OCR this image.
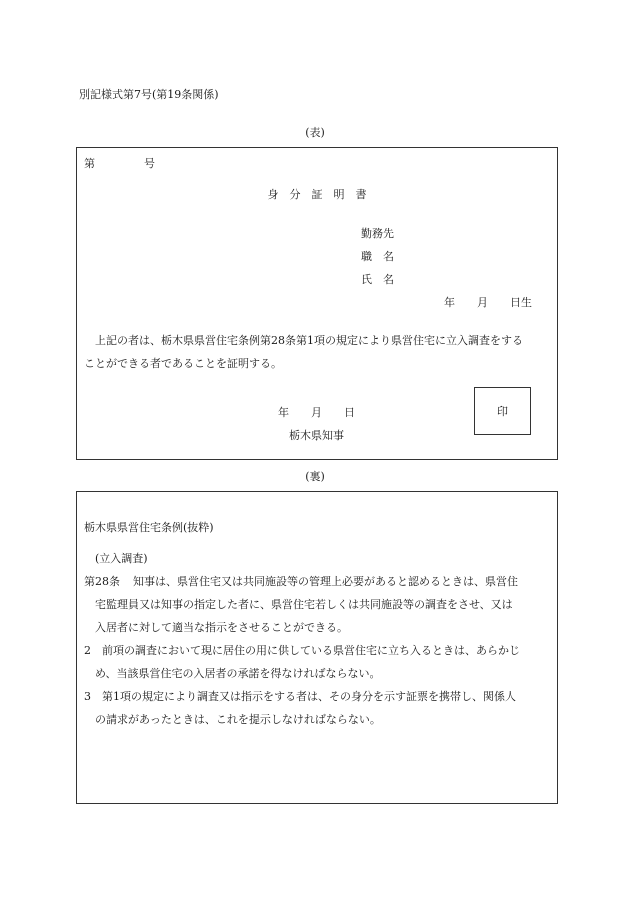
別記様式第7号(第19条関係)
(表)
第	号
身　分　証　明　書
勤務先
職　名
氏　名
年　　月　　日生
上記の者は、栃木県県営住宅条例第28条第1項の規定により県営住宅に立入調査をする
ことができる者であることを証明する。
年　　月　　日
栃木県知事
印
(裏)
栃木県県営住宅条例(抜粋)
(立入調査)
第28条 知事は、県営住宅又は共同施設等の管理上必要があると認めるときは、県営住
宅監理員又は知事の指定した者に、県営住宅若しくは共同施設等の調査をさせ、又は
入居者に対して適当な指示をさせることができる。
2　前項の調査において現に居住の用に供している県営住宅に立ち入るときは、あらかじ
め、当該県営住宅の入居者の承諾を得なければならない。
3　第1項の規定により調査又は指示をする者は、その身分を示す証票を携帯し、関係人
の請求があったときは、これを提示しなければならない。
